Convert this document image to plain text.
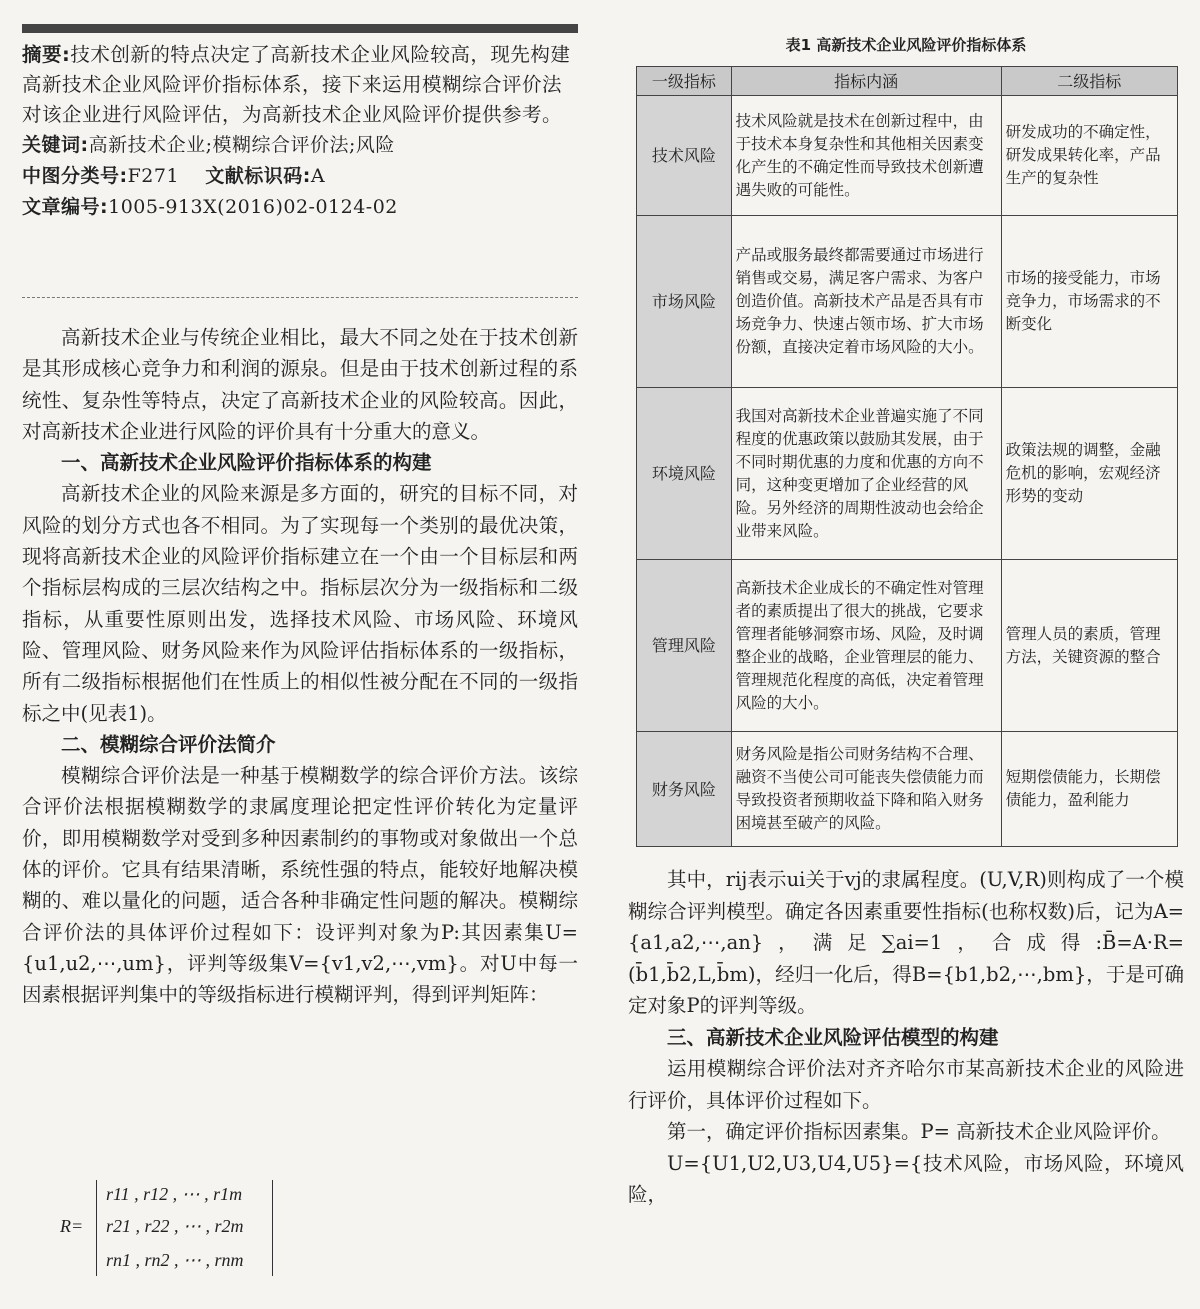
摘要:技术创新的特点决定了高新技术企业风险较高，现先构建高新技术企业风险评价指标体系，接下来运用模糊综合评价法对该企业进行风险评估，为高新技术企业风险评价提供参考。

关键词:高新技术企业;模糊综合评价法;风险

中图分类号:F271 文献标识码:A

文章编号:1005-913X(2016)02-0124-02

高新技术企业与传统企业相比，最大不同之处在于技术创新是其形成核心竞争力和利润的源泉。但是由于技术创新过程的系统性、复杂性等特点，决定了高新技术企业的风险较高。因此，对高新技术企业进行风险的评价具有十分重大的意义。

一、高新技术企业风险评价指标体系的构建

高新技术企业的风险来源是多方面的，研究的目标不同，对风险的划分方式也各不相同。为了实现每一个类别的最优决策，现将高新技术企业的风险评价指标建立在一个由一个目标层和两个指标层构成的三层次结构之中。指标层次分为一级指标和二级指标，从重要性原则出发，选择技术风险、市场风险、环境风险、管理风险、财务风险来作为风险评估指标体系的一级指标，所有二级指标根据他们在性质上的相似性被分配在不同的一级指标之中(见表1)。

二、模糊综合评价法简介

模糊综合评价法是一种基于模糊数学的综合评价方法。该综合评价法根据模糊数学的隶属度理论把定性评价转化为定量评价，即用模糊数学对受到多种因素制约的事物或对象做出一个总体的评价。它具有结果清晰，系统性强的特点，能较好地解决模糊的、难以量化的问题，适合各种非确定性问题的解决。模糊综合评价法的具体评价过程如下：设评判对象为P:其因素集U={u1,u2,⋯,um}，评判等级集V={v1,v2,⋯,vm}。对U中每一因素根据评判集中的等级指标进行模糊评判，得到评判矩阵：

R=
r11 , r12 , ⋯ , r1m
r21 , r22 , ⋯ , r2m
rn1 , rn2 , ⋯ , rnm
表1 高新技术企业风险评价指标体系
一级指标	指标内涵	二级指标
技术风险	技术风险就是技术在创新过程中，由于技术本身复杂性和其他相关因素变化产生的不确定性而导致技术创新遭遇失败的可能性。	研发成功的不确定性，研发成果转化率，产品生产的复杂性
市场风险	产品或服务最终都需要通过市场进行销售或交易，满足客户需求、为客户创造价值。高新技术产品是否具有市场竞争力、快速占领市场、扩大市场份额，直接决定着市场风险的大小。	市场的接受能力，市场竞争力，市场需求的不断变化
环境风险	我国对高新技术企业普遍实施了不同程度的优惠政策以鼓励其发展，由于不同时期优惠的力度和优惠的方向不同，这种变更增加了企业经营的风险。另外经济的周期性波动也会给企业带来风险。	政策法规的调整，金融危机的影响，宏观经济形势的变动
管理风险	高新技术企业成长的不确定性对管理者的素质提出了很大的挑战，它要求管理者能够洞察市场、风险，及时调整企业的战略，企业管理层的能力、管理规范化程度的高低，决定着管理风险的大小。	管理人员的素质，管理方法，关键资源的整合
财务风险	财务风险是指公司财务结构不合理、融资不当使公司可能丧失偿债能力而导致投资者预期收益下降和陷入财务困境甚至破产的风险。	短期偿债能力，长期偿债能力，盈利能力

其中，rij表示ui关于vj的隶属程度。(U,V,R)则构成了一个模糊综合评判模型。确定各因素重要性指标(也称权数)后，记为A={a1,a2,⋯,an}，满足∑ai=1，合成得:B̄=A·R=(b̄1,b̄2,L,b̄m)，经归一化后，得B={b1,b2,⋯,bm}，于是可确定对象P的评判等级。

三、高新技术企业风险评估模型的构建

运用模糊综合评价法对齐齐哈尔市某高新技术企业的风险进行评价，具体评价过程如下。

第一，确定评价指标因素集。P= 高新技术企业风险评价。

U={U1,U2,U3,U4,U5}={技术风险，市场风险，环境风险，
